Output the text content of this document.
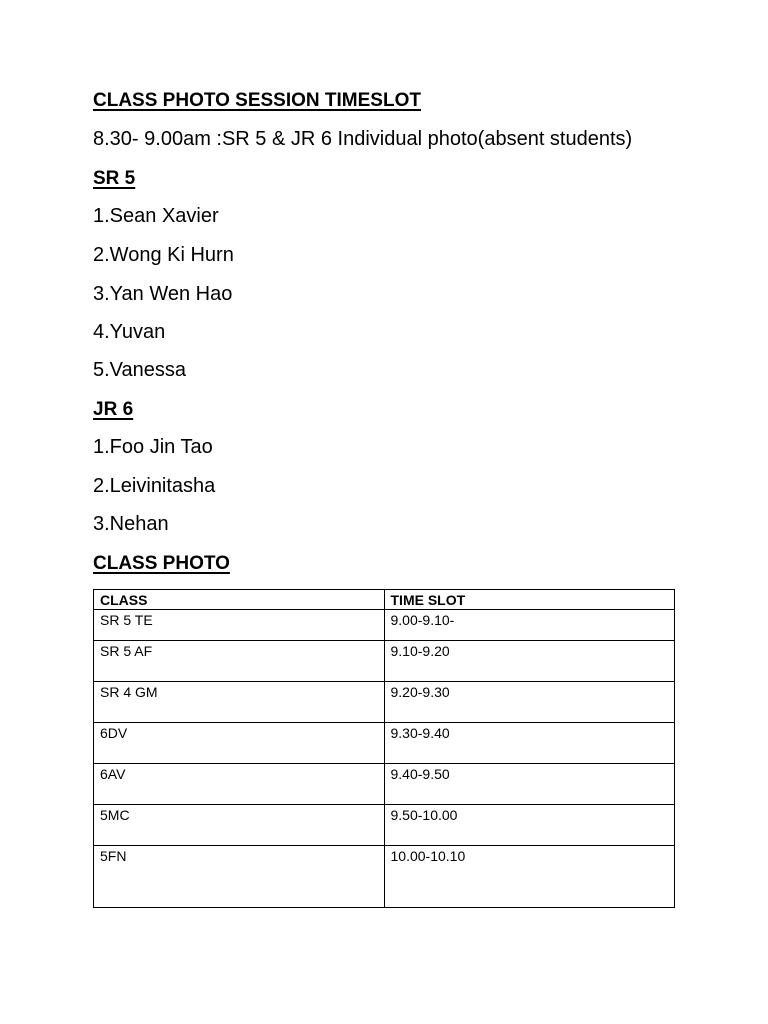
CLASS PHOTO SESSION TIMESLOT

8.30- 9.00am :SR 5 & JR 6 Individual photo(absent students)

SR 5

1.Sean Xavier

2.Wong Ki Hurn

3.Yan Wen Hao

4.Yuvan

5.Vanessa

JR 6

1.Foo Jin Tao

2.Leivinitasha

3.Nehan

CLASS PHOTO

CLASS	TIME SLOT
SR 5 TE	9.00-9.10-
SR 5 AF	9.10-9.20
SR 4 GM	9.20-9.30
6DV	9.30-9.40
6AV	9.40-9.50
5MC	9.50-10.00
5FN	10.00-10.10
